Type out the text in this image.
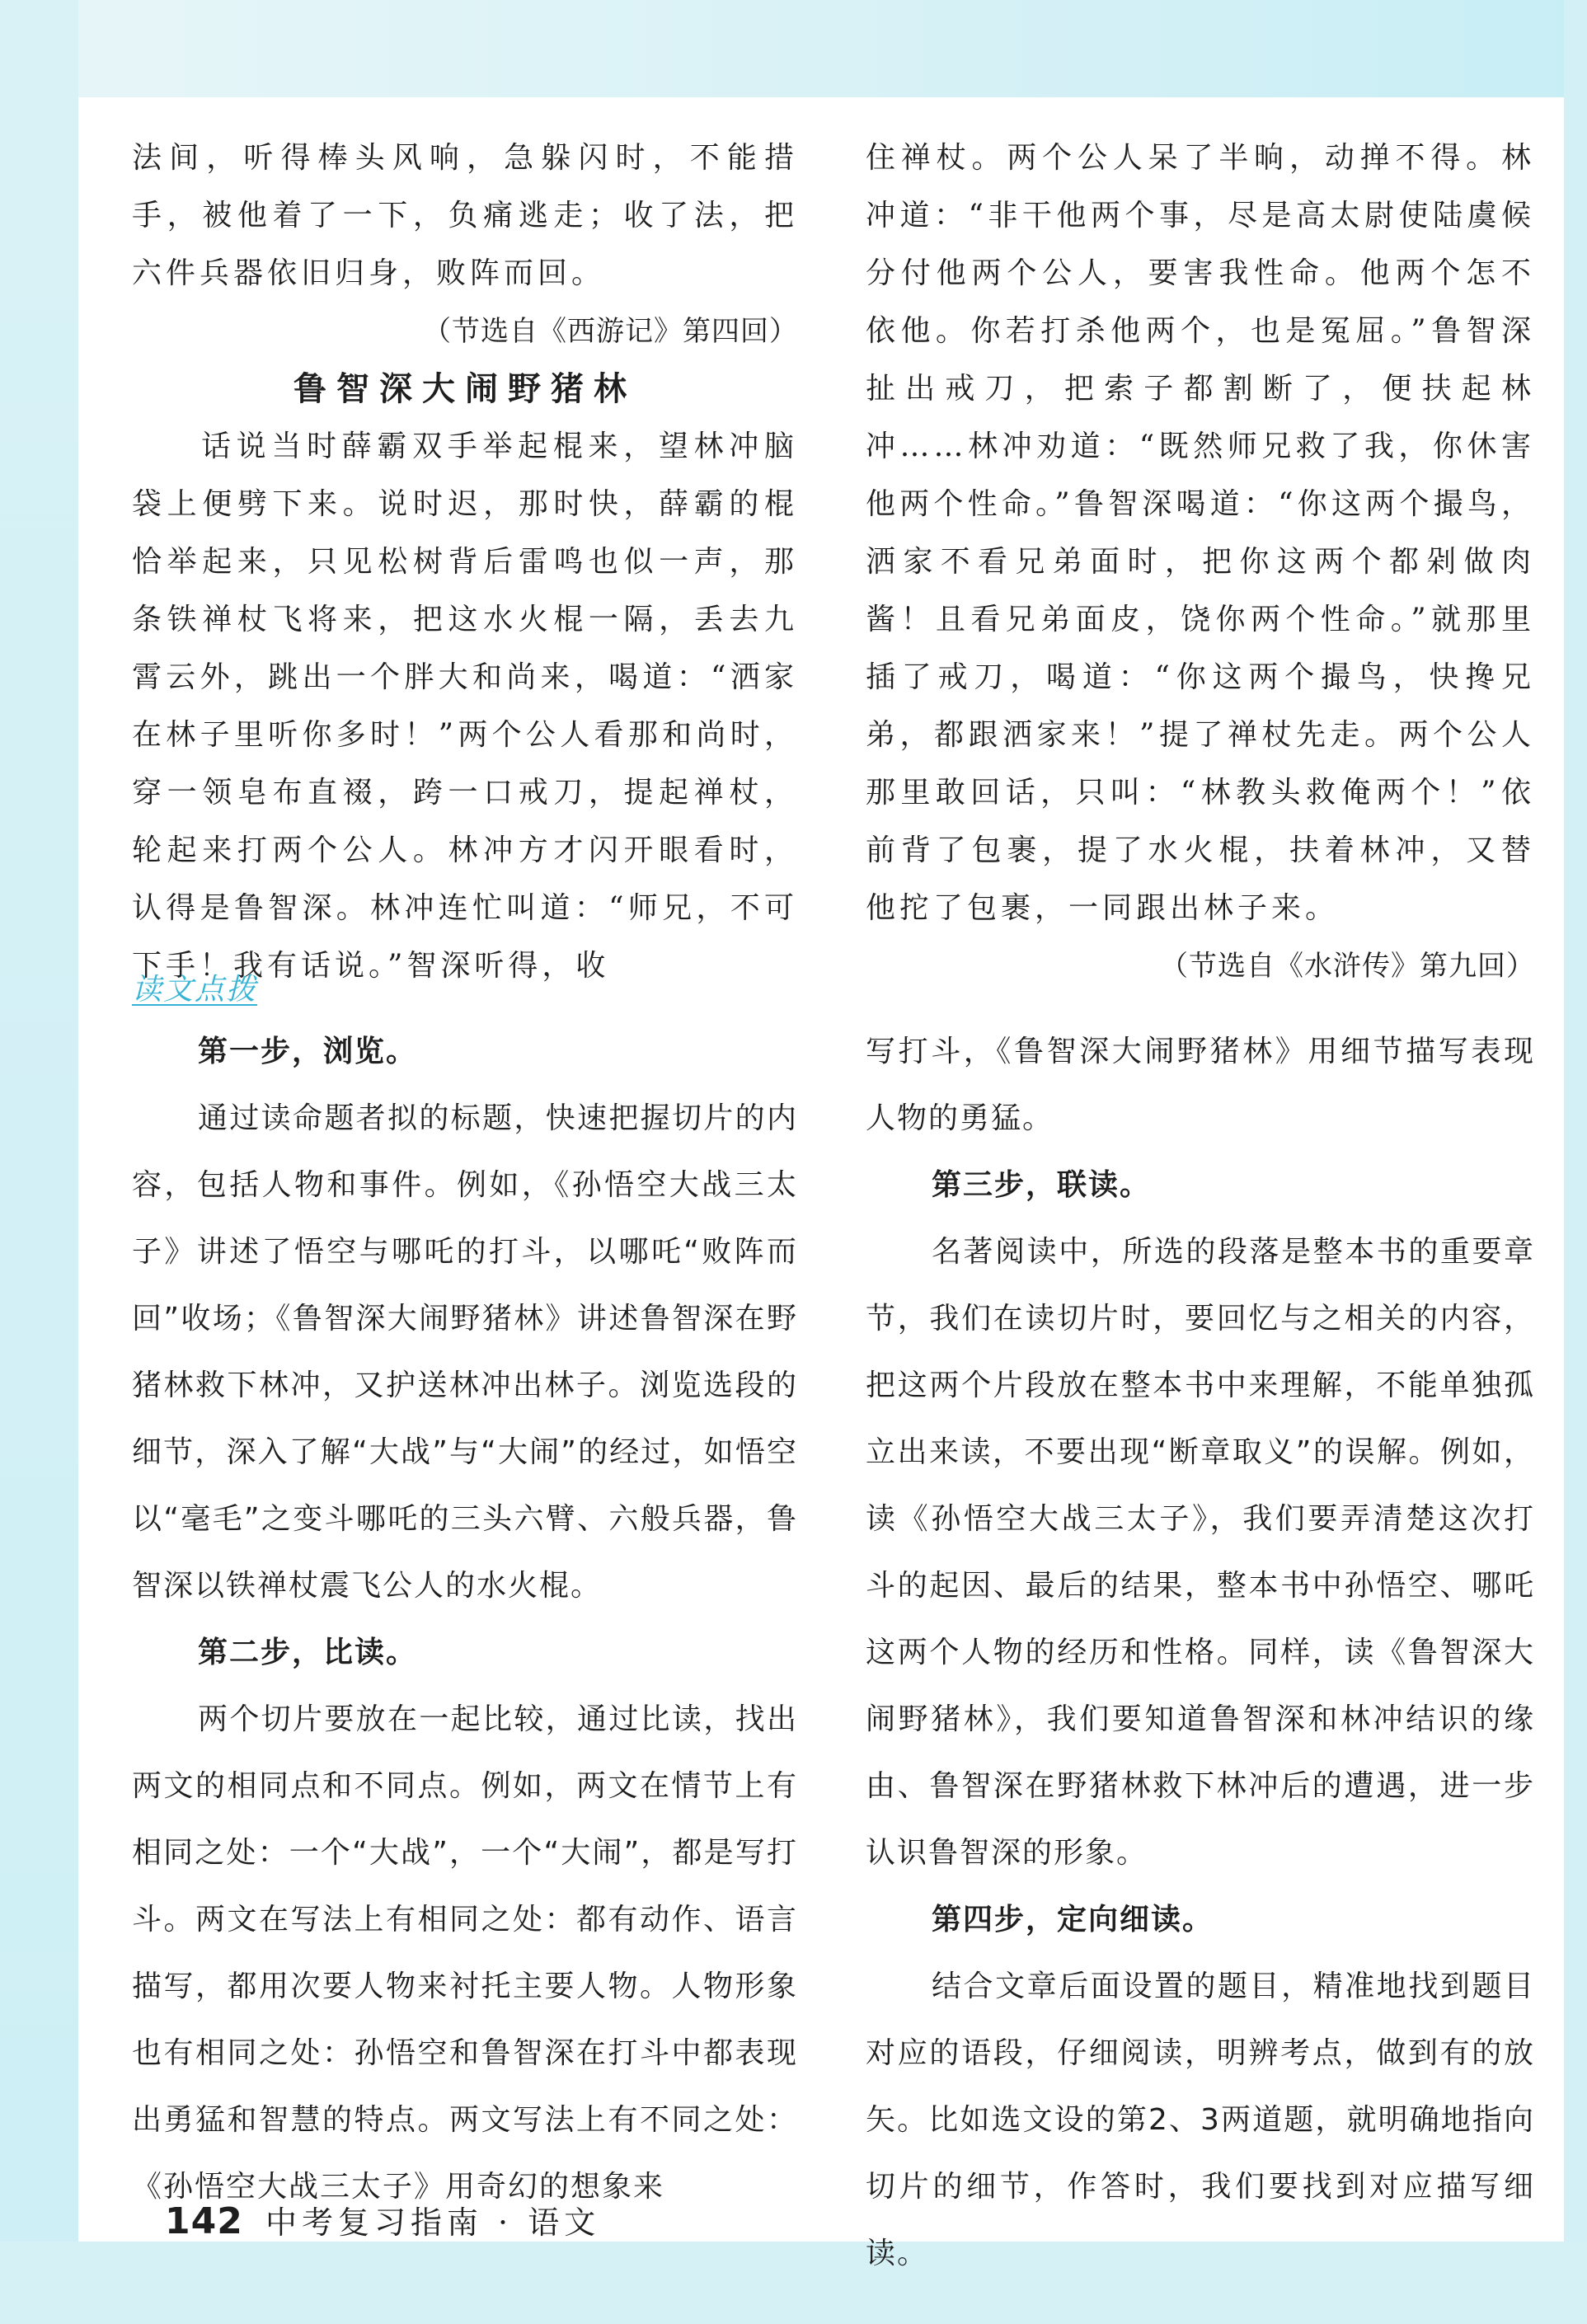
法间，听得棒头风响，急躲闪时，不能措手，被他着了一下，负痛逃走；收了法，把六件兵器依旧归身，败阵而回。

（节选自《西游记》第四回）

鲁智深大闹野猪林

话说当时薛霸双手举起棍来，望林冲脑袋上便劈下来。说时迟，那时快，薛霸的棍恰举起来，只见松树背后雷鸣也似一声，那条铁禅杖飞将来，把这水火棍一隔，丢去九霄云外，跳出一个胖大和尚来，喝道：“洒家在林子里听你多时！”两个公人看那和尚时，穿一领皂布直裰，跨一口戒刀，提起禅杖，轮起来打两个公人。林冲方才闪开眼看时，认得是鲁智深。林冲连忙叫道：“师兄，不可下手！我有话说。”智深听得，收

住禅杖。两个公人呆了半晌，动掸不得。林冲道：“非干他两个事，尽是高太尉使陆虞候分付他两个公人，要害我性命。他两个怎不依他。你若打杀他两个，也是冤屈。”鲁智深扯出戒刀，把索子都割断了，便扶起林冲……林冲劝道：“既然师兄救了我，你休害他两个性命。”鲁智深喝道：“你这两个撮鸟，洒家不看兄弟面时，把你这两个都剁做肉酱！且看兄弟面皮，饶你两个性命。”就那里插了戒刀，喝道：“你这两个撮鸟，快搀兄弟，都跟洒家来！”提了禅杖先走。两个公人那里敢回话，只叫：“林教头救俺两个！”依前背了包裹，提了水火棍，扶着林冲，又替他拕了包裹，一同跟出林子来。

（节选自《水浒传》第九回）

读文点拨

第一步，浏览。

通过读命题者拟的标题，快速把握切片的内容，包括人物和事件。例如，《孙悟空大战三太子》讲述了悟空与哪吒的打斗，以哪吒“败阵而回”收场；《鲁智深大闹野猪林》讲述鲁智深在野猪林救下林冲，又护送林冲出林子。浏览选段的细节，深入了解“大战”与“大闹”的经过，如悟空以“毫毛”之变斗哪吒的三头六臂、六般兵器，鲁智深以铁禅杖震飞公人的水火棍。

第二步，比读。

两个切片要放在一起比较，通过比读，找出两文的相同点和不同点。例如，两文在情节上有相同之处：一个“大战”，一个“大闹”，都是写打斗。两文在写法上有相同之处：都有动作、语言描写，都用次要人物来衬托主要人物。人物形象也有相同之处：孙悟空和鲁智深在打斗中都表现出勇猛和智慧的特点。两文写法上有不同之处：《孙悟空大战三太子》用奇幻的想象来

写打斗，《鲁智深大闹野猪林》用细节描写表现人物的勇猛。

第三步，联读。

名著阅读中，所选的段落是整本书的重要章节，我们在读切片时，要回忆与之相关的内容，把这两个片段放在整本书中来理解，不能单独孤立出来读，不要出现“断章取义”的误解。例如，读《孙悟空大战三太子》，我们要弄清楚这次打斗的起因、最后的结果，整本书中孙悟空、哪吒这两个人物的经历和性格。同样，读《鲁智深大闹野猪林》，我们要知道鲁智深和林冲结识的缘由、鲁智深在野猪林救下林冲后的遭遇，进一步认识鲁智深的形象。

第四步，定向细读。

结合文章后面设置的题目，精准地找到题目对应的语段，仔细阅读，明辨考点，做到有的放矢。比如选文设的第2、3两道题，就明确地指向切片的细节，作答时，我们要找到对应描写细读。

142 中考复习指南 · 语文
